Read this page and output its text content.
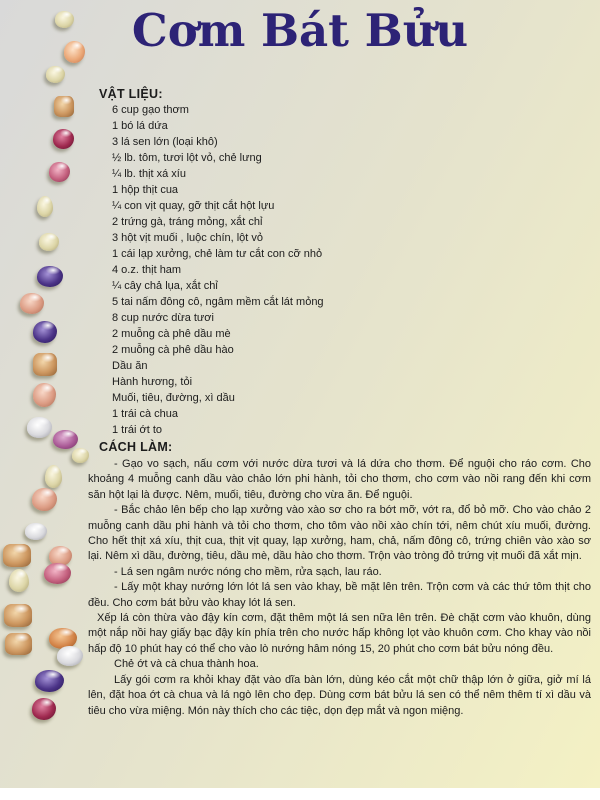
Cơm Bát Bửu
VẬT LIỆU:
6 cup gạo thơm
1 bó lá dứa
3 lá sen lớn (loại khô)
½ lb. tôm, tươi lột vỏ, chẻ lưng
¼ lb. thịt xá xíu
1 hộp thịt cua
¼ con vịt quay, gỡ thịt cắt hột lựu
2 trứng gà, tráng mỏng, xắt chỉ
3 hột vịt muối , luộc chín, lột vỏ
1 cái lạp xưởng, chẻ làm tư cắt con cỡ nhỏ
4 o.z. thịt ham
¼ cây chả lụa, xắt chỉ
5 tai nấm đông cô, ngâm mềm cắt lát mỏng
8 cup nước dừa tươi
2 muỗng cà phê dầu mè
2 muỗng cà phê dầu hào
Dầu ăn
Hành hương, tỏi
Muối, tiêu, đường, xì dầu
1 trái cà chua
1 trái ớt to
CÁCH LÀM:

- Gạo vo sạch, nấu cơm với nước dừa tươi và lá dứa cho thơm. Để nguội cho ráo cơm. Cho khoảng 4 muỗng canh dầu vào chảo lớn phi hành, tỏi cho thơm, cho cơm vào nồi rang đến khi cơm săn hột lại là được. Nêm, muối, tiêu, đường cho vừa ăn. Để nguội.

- Bắc chảo lên bếp cho lạp xưởng vào xào sơ cho ra bớt mỡ, vớt ra, đổ bỏ mỡ. Cho vào chảo 2 muỗng canh dầu phi hành và tỏi cho thơm, cho tôm vào nồi xào chín tới, nêm chút xíu muối, đường. Cho hết thịt xá xíu, thịt cua, thịt vịt quay, lạp xưởng, ham, chả, nấm đông cô, trứng chiên vào xào sơ lại. Nêm xì dầu, đường, tiêu, dầu mè, dầu hào cho thơm. Trộn vào tròng đỏ trứng vịt muối đã xắt mịn.

- Lá sen ngâm nước nóng cho mềm, rửa sạch, lau ráo.

- Lấy một khay nướng lớn lót lá sen vào khay, bề mặt lên trên. Trộn cơm và các thứ tôm thịt cho đều. Cho cơm bát bửu vào khay lót lá sen.

Xếp lá còn thừa vào đậy kín cơm, đặt thêm một lá sen nữa lên trên. Đè chặt cơm vào khuôn, dùng một nắp nồi hay giấy bạc đậy kín phía trên cho nước hấp không lọt vào khuôn cơm. Cho khay vào nồi hấp độ 10 phút hay có thể cho vào lò nướng hâm nóng 15, 20 phút cho cơm bát bửu nóng đều.

Chẻ ớt và cà chua thành hoa.

Lấy gói cơm ra khỏi khay đặt vào dĩa bàn lớn, dùng kéo cắt một chữ thập lớn ở giữa, giở mí lá lên, đặt hoa ớt cà chua và lá ngò lên cho đẹp. Dùng cơm bát bửu lá sen có thể nêm thêm tí xì dầu và tiêu cho vừa miệng. Món này thích cho các tiệc, dọn đẹp mắt và ngon miệng.
